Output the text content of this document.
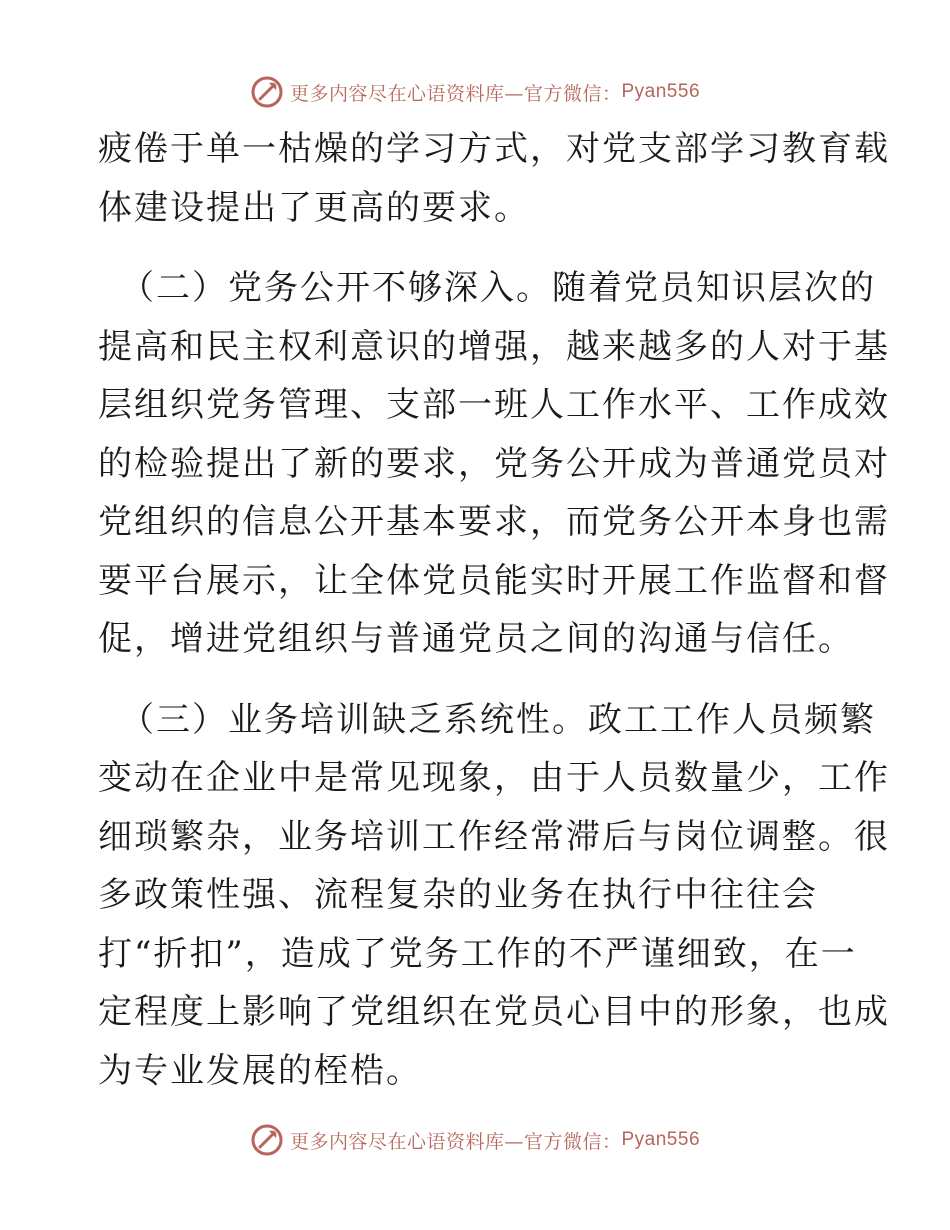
更多内容尽在心语资料库—官方微信： Pyan556
疲倦于单一枯燥的学习方式，对党支部学习教育载
体建设提出了更高的要求。
（二）党务公开不够深入。随着党员知识层次的
提高和民主权利意识的增强，越来越多的人对于基
层组织党务管理、支部一班人工作水平、工作成效
的检验提出了新的要求，党务公开成为普通党员对
党组织的信息公开基本要求，而党务公开本身也需
要平台展示，让全体党员能实时开展工作监督和督
促，增进党组织与普通党员之间的沟通与信任。
（三）业务培训缺乏系统性。政工工作人员频繁
变动在企业中是常见现象，由于人员数量少，工作
细琐繁杂，业务培训工作经常滞后与岗位调整。很
多政策性强、流程复杂的业务在执行中往往会
打“折扣”，造成了党务工作的不严谨细致，在一
定程度上影响了党组织在党员心目中的形象，也成
为专业发展的桎梏。
更多内容尽在心语资料库—官方微信： Pyan556
